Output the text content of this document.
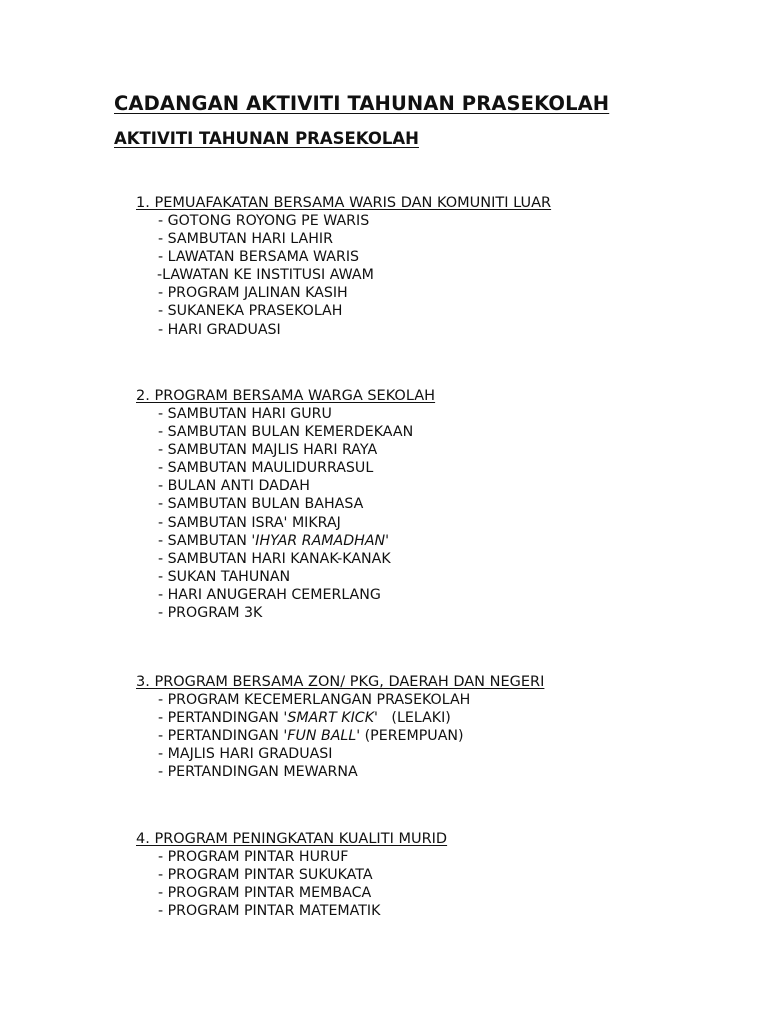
CADANGAN AKTIVITI TAHUNAN PRASEKOLAH
AKTIVITI TAHUNAN PRASEKOLAH
1. PEMUAFAKATAN BERSAMA WARIS DAN KOMUNITI LUAR
- GOTONG ROYONG PE WARIS
- SAMBUTAN HARI LAHIR
- LAWATAN BERSAMA WARIS
-LAWATAN KE INSTITUSI AWAM
- PROGRAM JALINAN KASIH
- SUKANEKA PRASEKOLAH
- HARI GRADUASI
2. PROGRAM BERSAMA WARGA SEKOLAH
- SAMBUTAN HARI GURU
- SAMBUTAN BULAN KEMERDEKAAN
- SAMBUTAN MAJLIS HARI RAYA
- SAMBUTAN MAULIDURRASUL
- BULAN ANTI DADAH
- SAMBUTAN BULAN BAHASA
- SAMBUTAN ISRA' MIKRAJ
- SAMBUTAN 'IHYAR RAMADHAN'
- SAMBUTAN HARI KANAK-KANAK
- SUKAN TAHUNAN
- HARI ANUGERAH CEMERLANG
- PROGRAM 3K
3. PROGRAM BERSAMA ZON/ PKG, DAERAH DAN NEGERI
- PROGRAM KECEMERLANGAN PRASEKOLAH
- PERTANDINGAN 'SMART KICK'   (LELAKI)
- PERTANDINGAN 'FUN BALL' (PEREMPUAN)
- MAJLIS HARI GRADUASI
- PERTANDINGAN MEWARNA
4. PROGRAM PENINGKATAN KUALITI MURID
- PROGRAM PINTAR HURUF
- PROGRAM PINTAR SUKUKATA
- PROGRAM PINTAR MEMBACA
- PROGRAM PINTAR MATEMATIK
